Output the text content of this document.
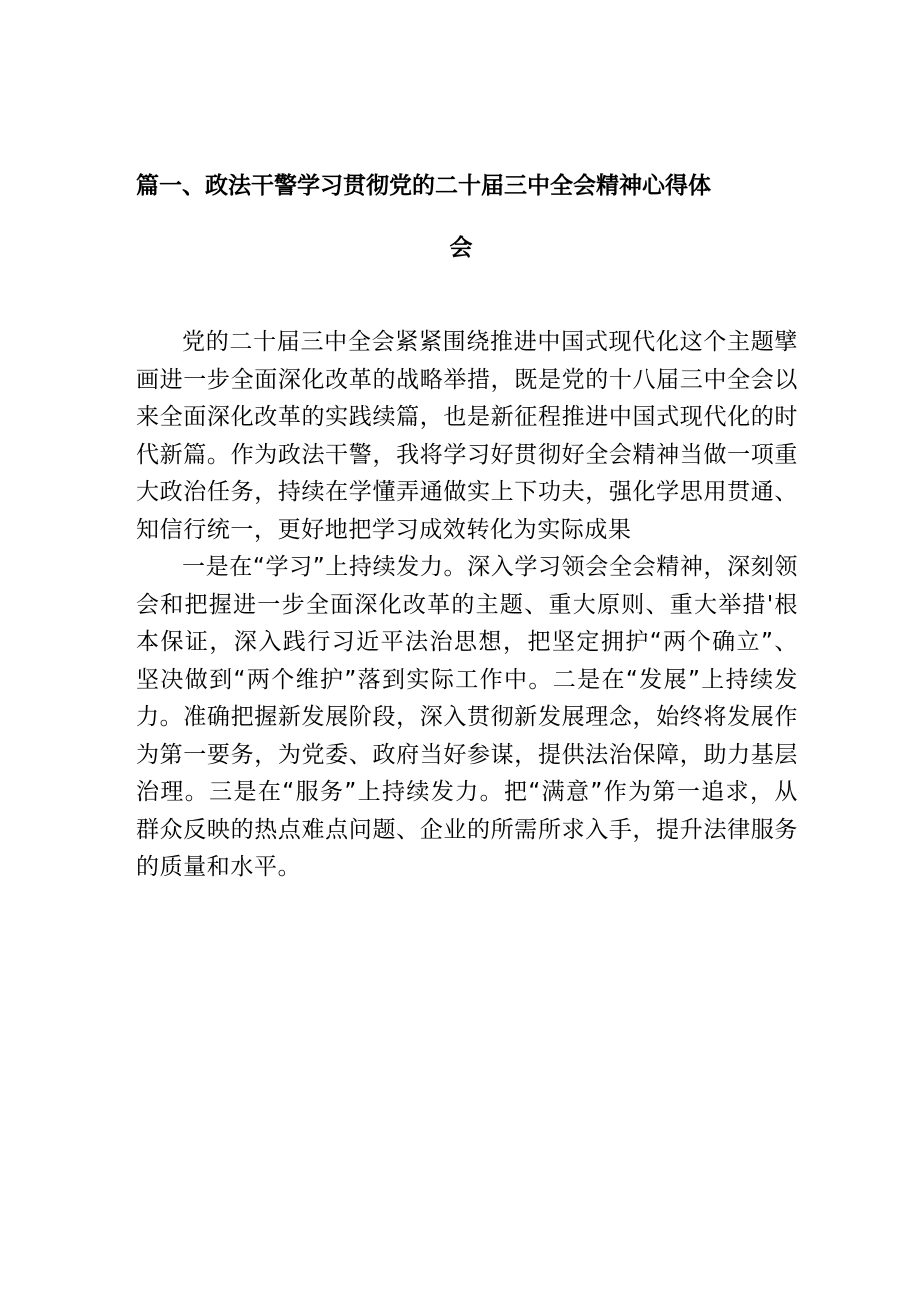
篇一、政法干警学习贯彻党的二十届三中全会精神心得体
会

党的二十届三中全会紧紧围绕推进中国式现代化这个主题擘画进一步全面深化改革的战略举措，既是党的十八届三中全会以来全面深化改革的实践续篇，也是新征程推进中国式现代化的时代新篇。作为政法干警，我将学习好贯彻好全会精神当做一项重大政治任务，持续在学懂弄通做实上下功夫，强化学思用贯通、知信行统一，更好地把学习成效转化为实际成果

一是在“学习”上持续发力。深入学习领会全会精神，深刻领会和把握进一步全面深化改革的主题、重大原则、重大举措'根本保证，深入践行习近平法治思想，把坚定拥护“两个确立”、坚决做到“两个维护”落到实际工作中。二是在“发展”上持续发力。准确把握新发展阶段，深入贯彻新发展理念，始终将发展作为第一要务，为党委、政府当好参谋，提供法治保障，助力基层治理。三是在“服务”上持续发力。把“满意”作为第一追求，从群众反映的热点难点问题、企业的所需所求入手，提升法律服务的质量和水平。
